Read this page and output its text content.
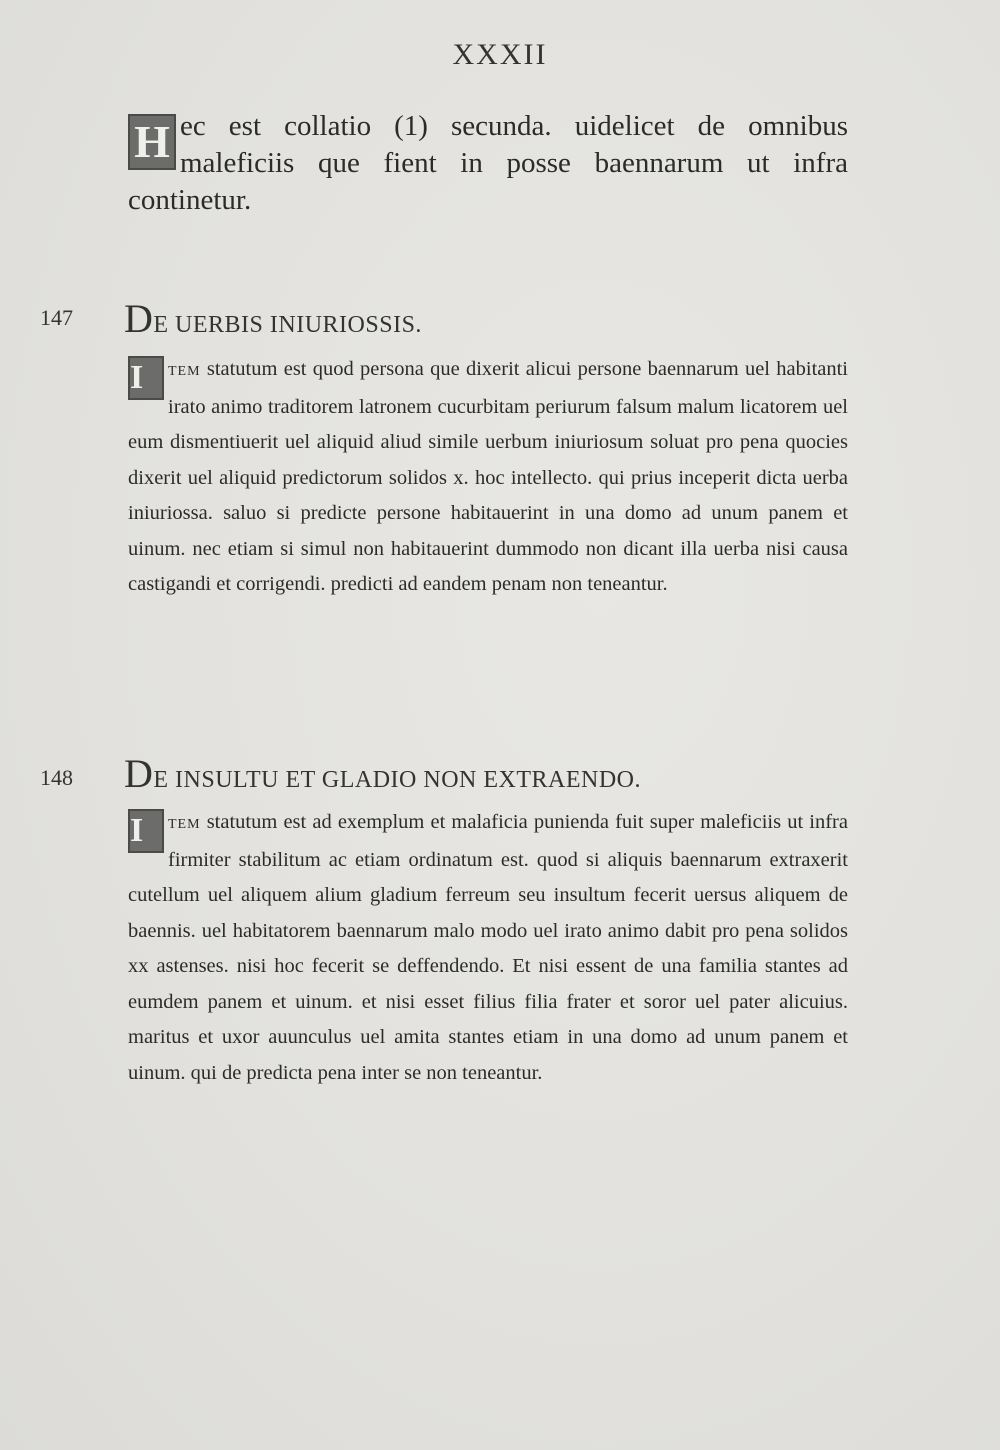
XXXII
H ec est collatio (1) secunda. uidelicet de omnibus maleficiis que fient in posse baennarum ut infra continetur.
147 DE UERBIS INIURIOSSIS.
I	TEM statutum est quod persona que dixerit alicui persone baennarum uel habitanti irato animo traditorem latronem cucurbitam periurum falsum malum licatorem uel eum dismentiuerit uel aliquid aliud simile uerbum iniuriosum soluat pro pena quocies dixerit uel aliquid predictorum solidos x. hoc intellecto. qui prius inceperit dicta uerba iniuriossa. saluo si predicte persone habitauerint in una domo ad unum panem et uinum. nec etiam si simul non habitauerint dummodo non dicant illa uerba nisi causa castigandi et corrigendi. predicti ad eandem penam non teneantur.
148 DE INSULTU ET GLADIO NON EXTRAENDO.
I	TEM statutum est ad exemplum et malaficia punienda fuit super maleficiis ut infra firmiter stabilitum ac etiam ordinatum est. quod si aliquis baennarum extraxerit cutellum uel aliquem alium gladium ferreum seu insultum fecerit uersus aliquem de baennis. uel habitatorem baennarum malo modo uel irato animo dabit pro pena solidos xx astenses. nisi hoc fecerit se deffendendo. Et nisi essent de una familia stantes ad eumdem panem et uinum. et nisi esset filius filia frater et soror uel pater alicuius. maritus et uxor auunculus uel amita stantes etiam in una domo ad unum panem et uinum. qui de predicta pena inter se non teneantur.
